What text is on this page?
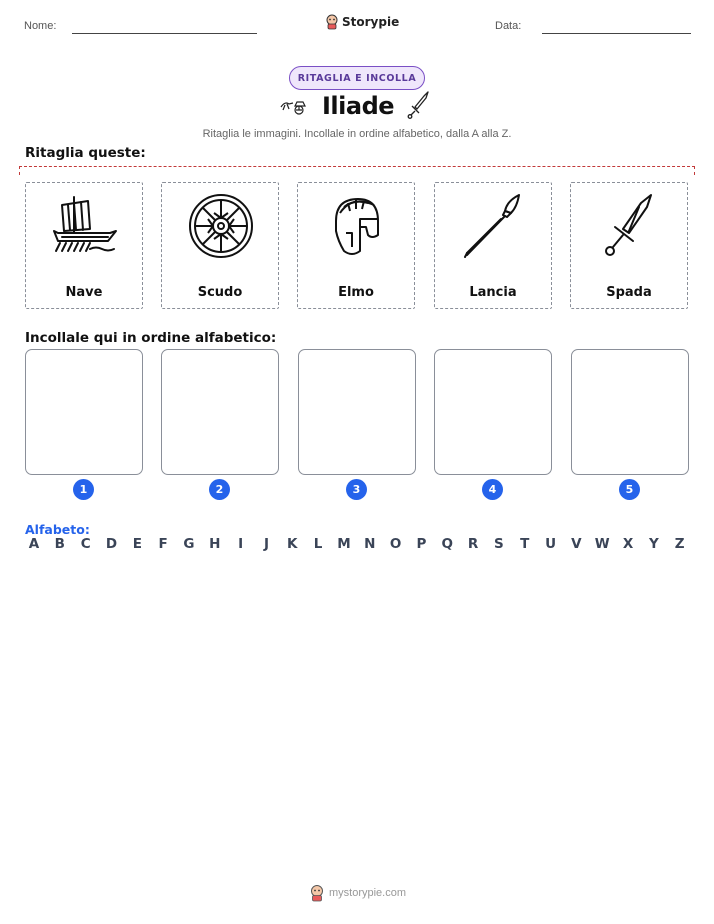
Nome:	Storypie	Data:
RITAGLIA E INCOLLA
Iliade
Ritaglia le immagini. Incollale in ordine alfabetico, dalla A alla Z.
Ritaglia queste:
Nave	Scudo	Elmo	Lancia	Spada
Incollale qui in ordine alfabetico:
1	2	3	4	5
Alfabeto:
A B C D	E	F	G H	I	J	K	L	M N O P Q R	S	T	U V W X	Y	Z
mystorypie.com
